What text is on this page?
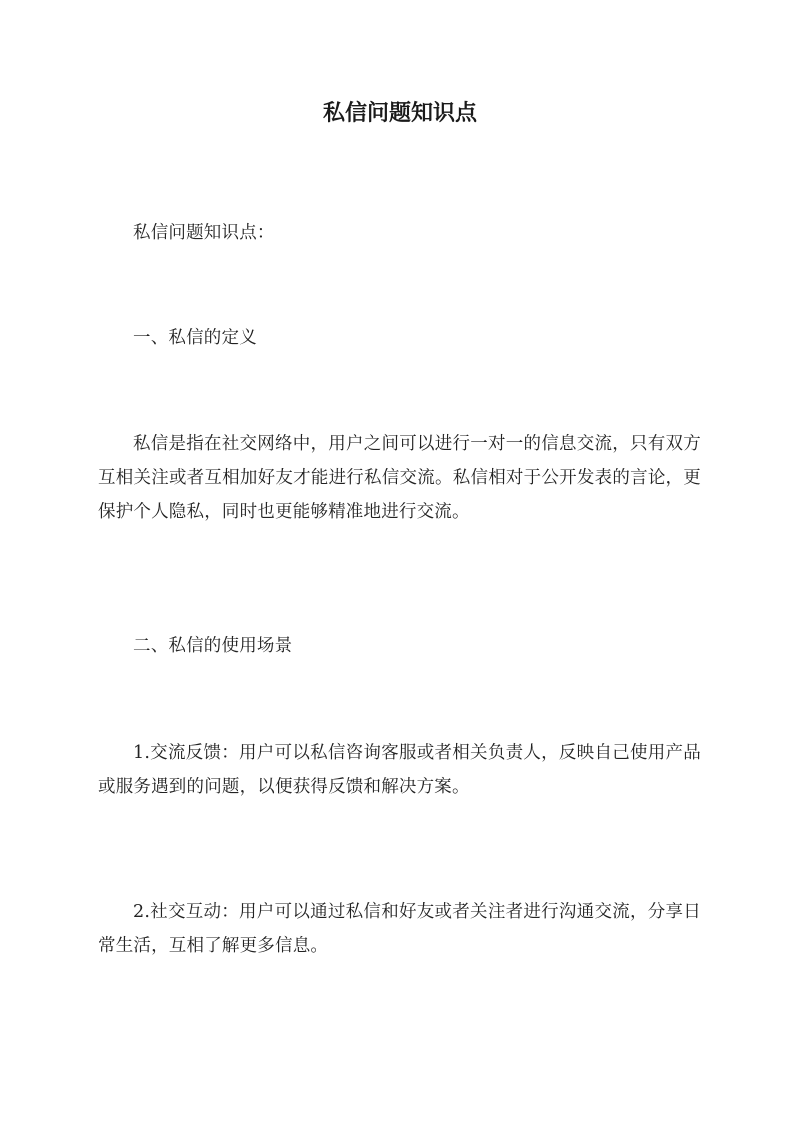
私信问题知识点

私信问题知识点：

一、私信的定义

私信是指在社交网络中，用户之间可以进行一对一的信息交流，只有双方互相关注或者互相加好友才能进行私信交流。私信相对于公开发表的言论，更保护个人隐私，同时也更能够精准地进行交流。

二、私信的使用场景

1.交流反馈：用户可以私信咨询客服或者相关负责人，反映自己使用产品或服务遇到的问题，以便获得反馈和解决方案。

2.社交互动：用户可以通过私信和好友或者关注者进行沟通交流，分享日常生活，互相了解更多信息。
